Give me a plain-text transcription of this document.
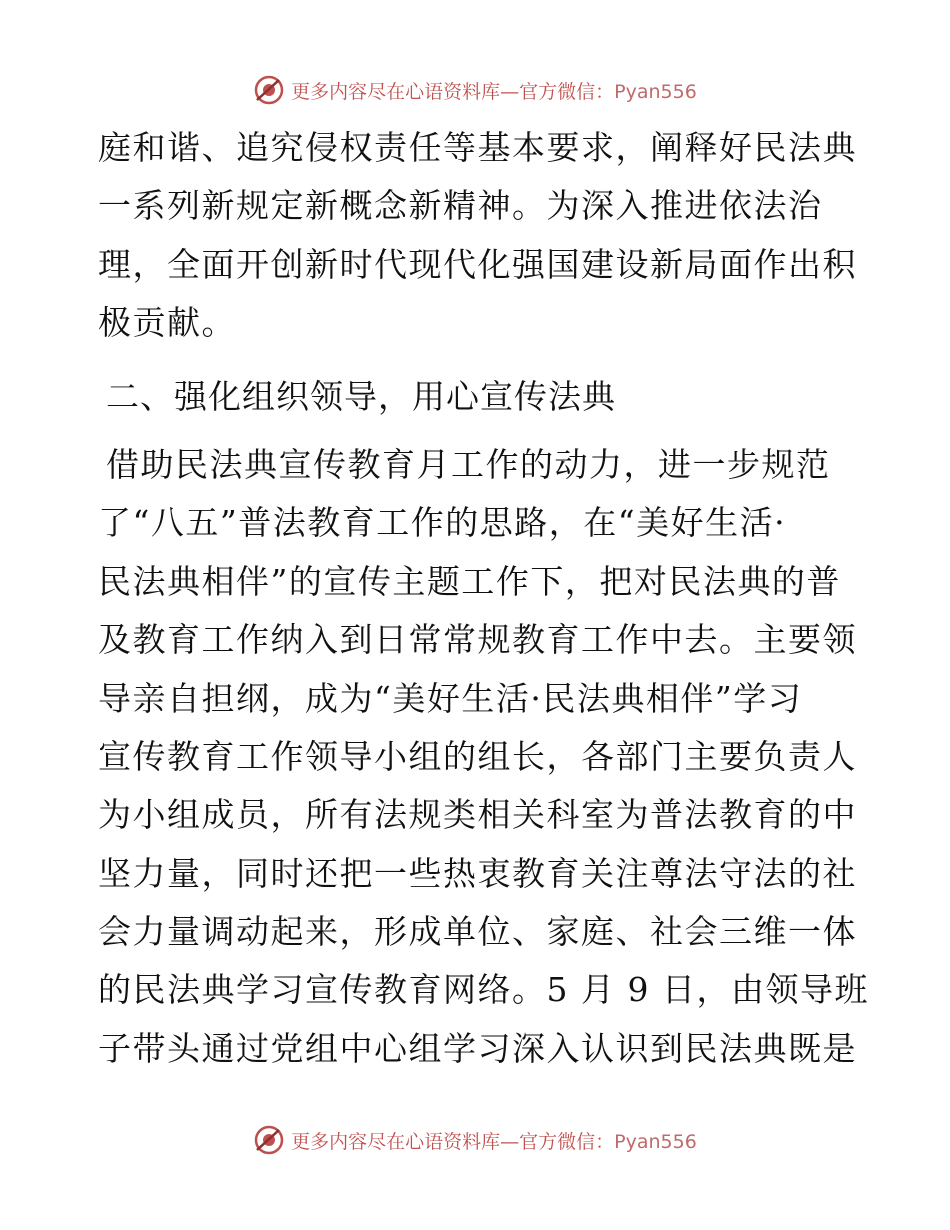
更多内容尽在心语资料库—官方微信：Pyan556
庭和谐、追究侵权责任等基本要求，阐释好民法典
一系列新规定新概念新精神。为深入推进依法治
理，全面开创新时代现代化强国建设新局面作出积
极贡献。
二、强化组织领导，用心宣传法典
借助民法典宣传教育月工作的动力，进一步规范
了“八五”普法教育工作的思路，在“美好生活·
民法典相伴”的宣传主题工作下，把对民法典的普
及教育工作纳入到日常常规教育工作中去。主要领
导亲自担纲，成为“美好生活·民法典相伴”学习
宣传教育工作领导小组的组长，各部门主要负责人
为小组成员，所有法规类相关科室为普法教育的中
坚力量，同时还把一些热衷教育关注尊法守法的社
会力量调动起来，形成单位、家庭、社会三维一体
的民法典学习宣传教育网络。5 月 9 日，由领导班
子带头通过党组中心组学习深入认识到民法典既是
更多内容尽在心语资料库—官方微信：Pyan556
